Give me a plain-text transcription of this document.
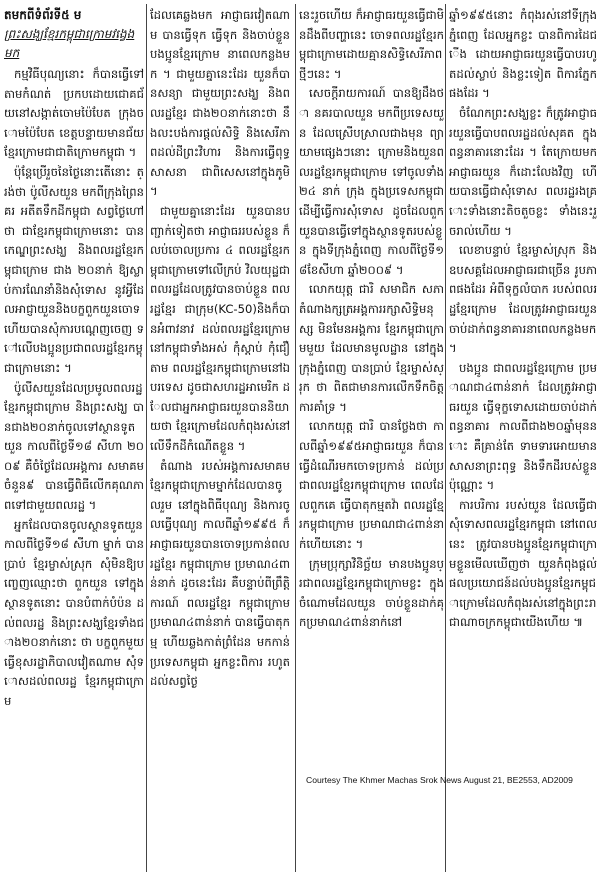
តមកពីទំព័រទី៥ ម

ព្រះសង្ឃខ្មែរកម្ពុជាក្រោមវង្វេង មក

កម្មវិធីបុណ្យនោះ ក៏បានធ្វើទៅតាមកំណត់ ប្រកបដោយជោគជ័យនៅសង្កាត់ចោមប៉ៃបែត ក្រុងចោមប៉ៃបែត ខេត្តបន្ទាយមានជ័យ ខ្មែរក្រោមជាជាតិក្រោមកម្ពុជា ។

ប៉ុន្តែប្រើរួចនៃថ្ងៃនោះតើនោះ ត្រង់ថា ប៉ូលីសយួន មកពីក្រុងព្រៃនគរ អតីតទឹកដីកម្ពុជា សព្វថ្ងៃហៅថា ជាខ្មែរកម្ពុជាក្រោមនោះ បានកេណ្ឌព្រះសង្ឃ និងពលរដ្ឋខ្មែរកម្ពុជាក្រោម ជាង ២០នាក់ ឱ្យស្លាប់ការណែនាំនិងសុំទោស នូវអ្វីដែលអាជ្ញាយួននិងបក្ខពួកយួនចោទ ហើយបានសុំការបណ្តេញចេញ ទៅលើបងប្អូនប្រជាពលរដ្ឋខ្មែរកម្ពុជាក្រោមនោះ ។

ប៉ូលីសយួនដែលប្រមូលពលរដ្ឋខ្មែរកម្ពុជាក្រោម និងព្រះសង្ឃ បានជាង២០នាក់ចូលទៅស្ថានទូតយួន កាលពីថ្ងៃទី១៨ សីហា ២០០៩ គឺចំថ្ងៃដែលអង្គការ សមាគម ចំនួន៩ បានធ្វើពិធីលើកគុណភាពទៅជាមួយពលរដ្ឋ ។

អ្នកដែលបានចូលស្ថានទូតយួន កាលពីថ្ងៃទី១៨ សីហា ម្នាក់ បានប្រាប់ ខ្មែរម្ចាស់ស្រុក សុំមិនឱ្យបញ្ចេញឈ្មោះថា ពួកយួន ទៅក្នុងស្ថានទូតនោះ បានបំពាក់បំប៉ន ដល់ពលរដ្ឋ និងព្រះសង្ឃខ្មែរទាំងជាង២០នាក់នោះ ថា បក្ខពួកមួយធ្វើខុសរដ្ឋាភិបាលវៀតណាម សុំទោសដល់ពលរដ្ឋ ខ្មែរកម្ពុជាក្រោម

ដែលគេឆ្លងមក អាជ្ញាធរវៀតណាម បានធ្វើទុក ធ្វើទុក និងចាប់ខ្លួនបងប្អូនខ្មែរក្រោម នាពេលកន្លងមក ។ ជាមួយគ្នានេះដែរ យួនក៏បានសន្យា ជាមួយព្រះសង្ឃ និងពលរដ្ឋខ្មែរ ជាង២០នាក់នោះថា នឹងលះបង់ការផ្តល់សិទ្ធិ និងសេរីភាពដល់ដីព្រះវិហារ និងការធ្វើពុទ្ធសាសនា ជាពិសេសនៅក្នុងភូមិ ។

ជាមួយគ្នានោះដែរ យួនបានបញ្ជាក់ទៀតថា អាជ្ញាធររបស់ខ្លួន ក៏លប់ចោលប្រការ ៤ ពលរដ្ឋខ្មែរកម្ពុជាក្រោមទៅលើក្រប់ វិលយុដ្ឋជាពលរដ្ឋដែលត្រូវបានចាប់ខ្លួន ពលរដ្ឋខ្មែរ ជាក្រុម(KC-50)និងក៏បានអំពាវនាវ ដល់ពលរដ្ឋខ្មែរក្រោមនៅកម្ពុជាទាំងអស់ កុំស្តាប់ កុំជឿតាម ពលរដ្ឋខ្មែរកម្ពុជាក្រោមនៅឯបរទេស ដូចជាសហរដ្ឋអាមេរិក ដែលជាអ្នកអាជ្ញាធរយួនបាននិយាយថា ខ្មែរក្រោមដែលកំពុងរស់នៅលើទឹកដីកំណើតខ្លួន ។

តំណាង របស់អង្គការសមាគមខ្មែរកម្ពុជាក្រោមម្នាក់ដែលបានចូលរួម នៅក្នុងពិធីបុណ្យ និងការចូលធ្វើបុណ្យ កាលពីឆ្នាំ១៩៩៥ ក៏អាជ្ញាធរយួនបានចោទប្រកាន់ពលរដ្ឋខ្មែរ កម្ពុជាក្រោម ប្រមាណ៤ពាន់នាក់ ដូចនេះដែរ គឺបន្ទាប់ពីព្រឹត្តិការណ៍ ពលរដ្ឋខ្មែរ កម្ពុជាក្រោម ប្រមាណ៤ពាន់នាក់ បានធ្វើបាតុកម្ម ហើយឆ្លងកាត់ព្រំដែន មកកាន់ប្រទេសកម្ពុជា អ្នកខ្លះពិការ រហូតដល់សព្វថ្ងៃ

នេះរួចហើយ ក៏អាជ្ញាធរយួនធ្វើជាមិនដឹងពីបញ្ហានេះ ចោទពលរដ្ឋខ្មែរកម្ពុជាក្រោមដោយគ្មានសិទ្ធិសេរីភាពថ្មីៗនេះ ។

សេចក្តីរាយការណ៍ បានឱ្យដឹងថា នគរបាលយួន មកពីប្រទេសយួន ដែលស្រើបស្រាលជាងមុន ព្យាយាមផ្សេងៗនោះ ក្រោមនិងយួនពលរដ្ឋខ្មែរកម្ពុជាក្រោម ទៅចូលទាំង២៤ នាក់ ក្រុង ក្នុងប្រទេសកម្ពុជា ដើម្បីធ្វើការសុំទោស ដូចដែលពួកយួនបានធ្វើទៅក្នុងស្ថានទូតរបស់ខ្លួន ក្នុងទីក្រុងភ្នំពេញ កាលពីថ្ងៃទី១៨ខែសីហា ឆ្នាំ២០០៩ ។

លោកយុត្ត ជារិ សមាជិក សភាតំណាងក្សត្រអង្គការរក្សាសិទ្ធិមនុស្ស មិនមែនអង្គការ ខ្មែរកម្ពុជាក្រោមមួយ ដែលមានមូលដ្ឋាន នៅក្នុងក្រុងភ្នំពេញ បានប្រាប់ ខ្មែរម្ចាស់ស្រុក ថា ពិតជាមានការលើកទឹកចិត្តការគាំទ្រ ។

លោកយុត្ត ជារិ បានថ្លែងថា កាលពីឆ្នាំ១៩៩៥អាជ្ញាធរយួន ក៏បានធ្វើដំណើរមកចោទប្រកាន់ ដល់ប្រជាពលរដ្ឋខ្មែរកម្ពុជាក្រោម ពេលដែលពួកគេ ធ្វើបាតុកម្មតវ៉ា ពលរដ្ឋខ្មែរកម្ពុជាក្រោម ប្រមាណជា៤ពាន់នាក់ហើយនោះ ។

ក្រុមប្រុក្សាវិនិច្ឆ័យ មានបងប្អូនប្រជាពលរដ្ឋខ្មែរកម្ពុជាក្រោមខ្លះ ក្នុងចំណោមដែលយួន ចាប់ខ្លួនដាក់គុកប្រមាណ៤ពាន់នាក់នៅ

ឆ្នាំ១៩៩៥នោះ កំពុងរស់នៅទីក្រុងភ្នំពេញ ដែលអ្នកខ្លះ បានពិការដៃជើង ដោយអាជ្ញាធរយួនធ្វើបាបរហូតដល់ស្លាប់ និងខ្លះទៀត ពិការភ្នែកផងដែរ ។

ចំណែកព្រះសង្ឃខ្លះ ក៏ត្រូវអាជ្ញាធរយួនធ្វើបាបពលរដ្ឋដល់សុគត ក្នុងពន្ធនាគារនោះដែរ ។ តែក្រោយមក អាជ្ញាធរយួន ក៏ដោះលែងវិញ ហើយបានធ្វើជាសុំទោស ពលរដ្ឋរងគ្រោះទាំងនោះតិចតួចខ្លះ ទាំងនេះរួចរាល់ហើយ ។

លេខាបន្ទាប់ ខ្មែរម្ចាស់ស្រុក និងឧបសគ្គដែលអាជ្ញាធរជាច្រើន រូបភាពផងដែរ អំពីទុក្ខលំបាក របស់ពលរដ្ឋខ្មែរក្រោម ដែលត្រូវអាជ្ញាធរយួន ចាប់ដាក់ពន្ធនាគារនាពេលកន្លងមក ។

បងប្អូន ជាពលរដ្ឋខ្មែរក្រោម ប្រមាណជា៤ពាន់នាក់ ដែលត្រូវអាជ្ញាធរយួន ធ្វើទុក្ខទោសដោយចាប់ដាក់ពន្ធនាគារ កាលពីជាង២០ឆ្នាំមុននោះ គឺគ្រាន់តែ ទាមទារអោយមានសាសនាព្រះពុទ្ធ និងទឹកដីរបស់ខ្លួន ប៉ុណ្ណោះ ។

ការបរិការ របស់យួន ដែលធ្វើជាសុំទោសពលរដ្ឋខ្មែរកម្ពុជា នៅពេលនេះ ត្រូវបានបងប្អូនខ្មែរកម្ពុជាក្រោមខ្លួនមើលឃើញថា យួនកំពុងផ្តល់ផលប្រយោជន៍ដល់បងប្អូនខ្មែរកម្ពុជាក្រោមដែលកំពុងរស់នៅក្នុងព្រះរាជាណាចក្រកម្ពុជាយើងហើយ ៕

Courtesy The Khmer Machas Srok News August 21, BE2553, AD2009
